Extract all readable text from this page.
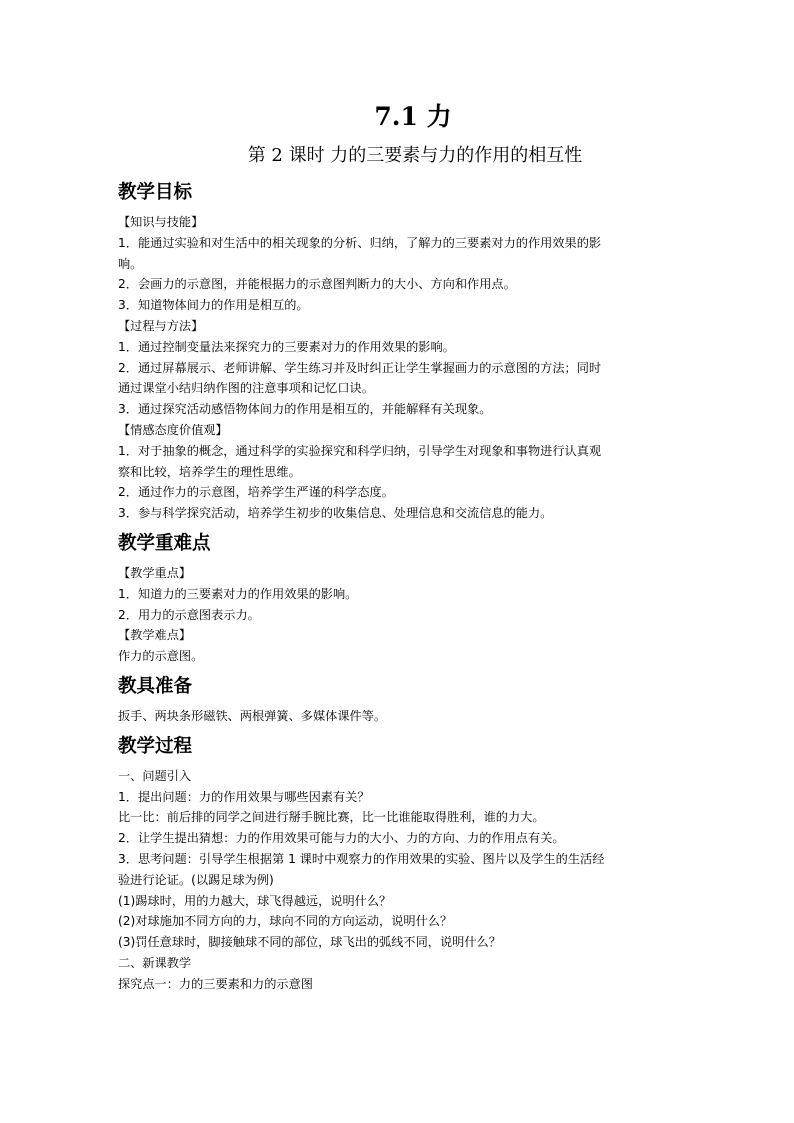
7.1 力

第 2 课时 力的三要素与力的作用的相互性

教学目标

【知识与技能】

1．能通过实验和对生活中的相关现象的分析、归纳，了解力的三要素对力的作用效果的影

响。

2．会画力的示意图，并能根据力的示意图判断力的大小、方向和作用点。

3．知道物体间力的作用是相互的。

【过程与方法】

1．通过控制变量法来探究力的三要素对力的作用效果的影响。

2．通过屏幕展示、老师讲解、学生练习并及时纠正让学生掌握画力的示意图的方法；同时

通过课堂小结归纳作图的注意事项和记忆口诀。

3．通过探究活动感悟物体间力的作用是相互的，并能解释有关现象。

【情感态度价值观】

1．对于抽象的概念，通过科学的实验探究和科学归纳，引导学生对现象和事物进行认真观

察和比较，培养学生的理性思维。

2．通过作力的示意图，培养学生严谨的科学态度。

3．参与科学探究活动，培养学生初步的收集信息、处理信息和交流信息的能力。

教学重难点

【教学重点】

1．知道力的三要素对力的作用效果的影响。

2．用力的示意图表示力。

【教学难点】

作力的示意图。

教具准备

扳手、两块条形磁铁、两根弹簧、多媒体课件等。

教学过程

一、问题引入

1．提出问题：力的作用效果与哪些因素有关？

比一比：前后排的同学之间进行掰手腕比赛，比一比谁能取得胜利，谁的力大。

2．让学生提出猜想：力的作用效果可能与力的大小、力的方向、力的作用点有关。

3．思考问题：引导学生根据第 1 课时中观察力的作用效果的实验、图片以及学生的生活经

验进行论证。(以踢足球为例)

(1)踢球时，用的力越大，球飞得越远，说明什么？

(2)对球施加不同方向的力，球向不同的方向运动，说明什么？

(3)罚任意球时，脚接触球不同的部位，球飞出的弧线不同，说明什么？

二、新课教学

探究点一：力的三要素和力的示意图
